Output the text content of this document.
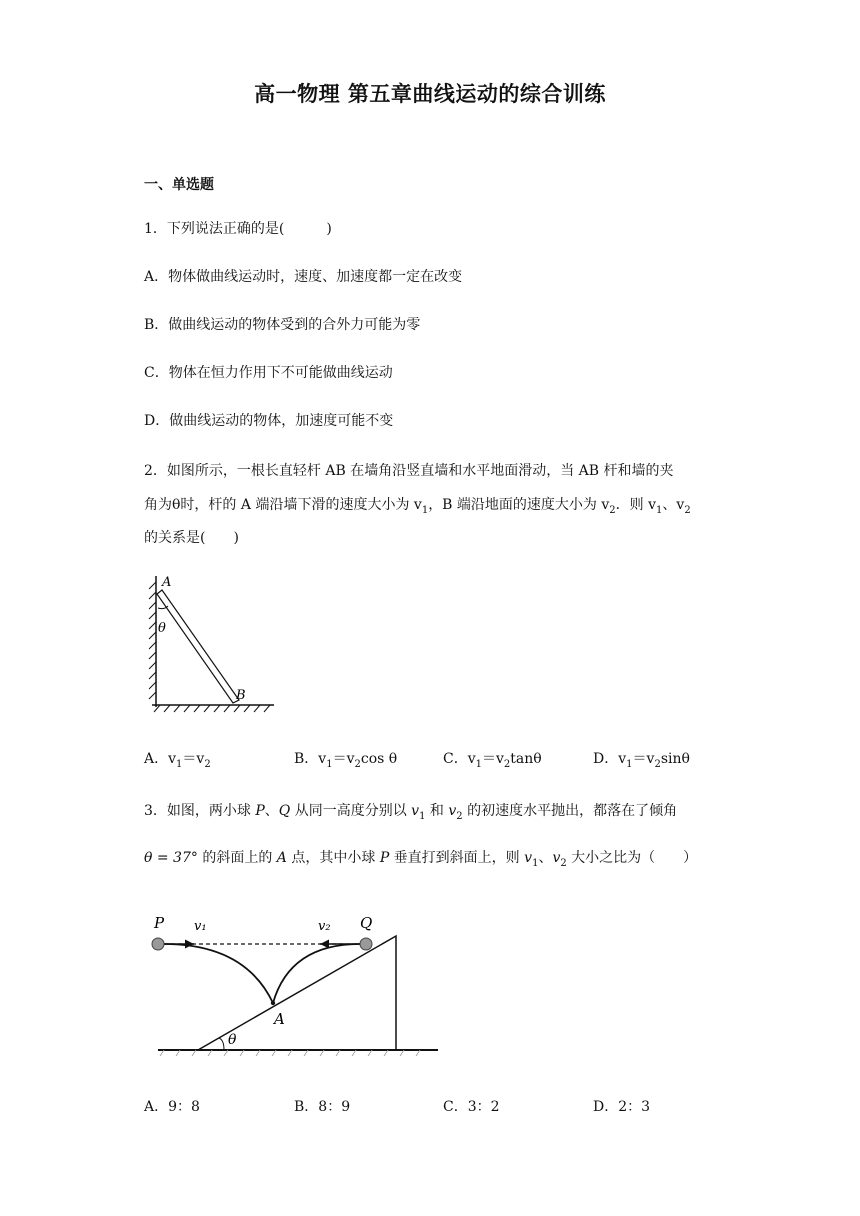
高一物理 第五章曲线运动的综合训练
一、单选题
1．下列说法正确的是(　　　)
A．物体做曲线运动时，速度、加速度都一定在改变
B．做曲线运动的物体受到的合外力可能为零
C．物体在恒力作用下不可能做曲线运动
D．做曲线运动的物体，加速度可能不变
2．如图所示，一根长直轻杆 AB 在墙角沿竖直墙和水平地面滑动，当 AB 杆和墙的夹
角为θ时，杆的 A 端沿墙下滑的速度大小为 $v_1$，B 端沿地面的速度大小为 $v_2$．则 $v_1$、$v_2$
的关系是(　　)
A
B
θ
A．$v_1=v_2$	B．$v_1=v_2\cos$ θ	C．$v_1=v_2\tan\theta$	D．$v_1=v_2\sin\theta$
3．如图，两小球 P、Q 从同一高度分别以 $v_1$ 和 $v_2$ 的初速度水平抛出，都落在了倾角
θ = 37° 的斜面上的 A 点，其中小球 P 垂直打到斜面上，则 $v_1$、$v_2$ 大小之比为（　　）
P v₁	v₂ Q
A
θ
A．9：8	B．8：9	C．3：2	D．2：3
